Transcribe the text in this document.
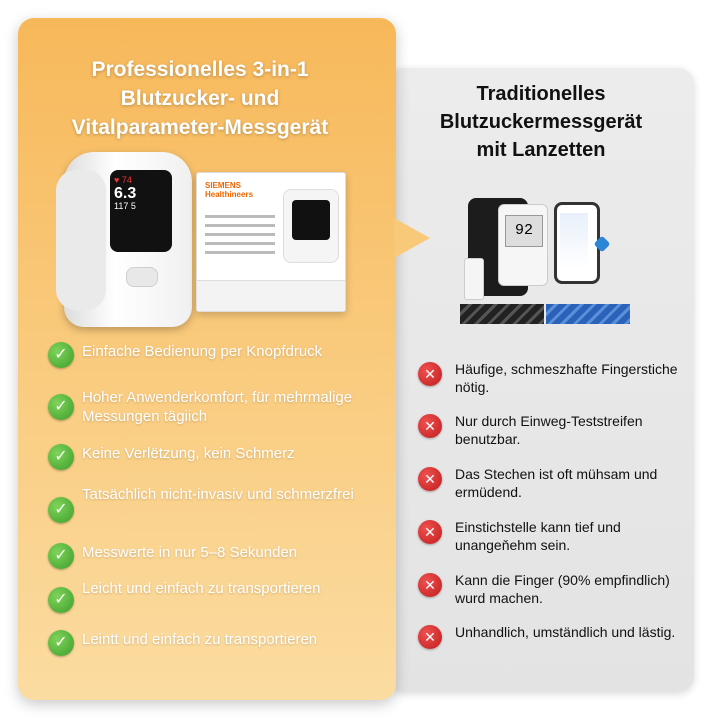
Professionelles 3-in-1
Blutzucker- und
Vitalparameter-Messgerät
Traditionelles
Blutzuckermessgerät
mit Lanzetten
♥ 74
6.3
117 5
SIEMENS
Healthineers
92
✓ Einfache Bedienung per Knopfdruck
✓
Hoher Anwenderkomfort, für mehrmalige Messungen tägiich
✓ Keine Verlëtzung, kein Schmerz
✓
Tatsächlich nicht-invasiv und schmerzfrei
✓ Messwerte in nur 5–8 Sekunden
✓
Leicht und einfach zu transportieren
✓ Leintt und einfach zu transportieren
✕	Häufige, schmeszhafte Fingerstiche nötig.
✕	Nur durch Einweg-Teststreifen benutzbar.
✕	Das Stechen ist oft mühsam und ermüdend.
✕	Einstichstelle kann tief und unangeňehm sein.
✕	Kann die Finger (90% empfindlich) wurd machen.
✕	Unhandlich, umständlich und lästig.
